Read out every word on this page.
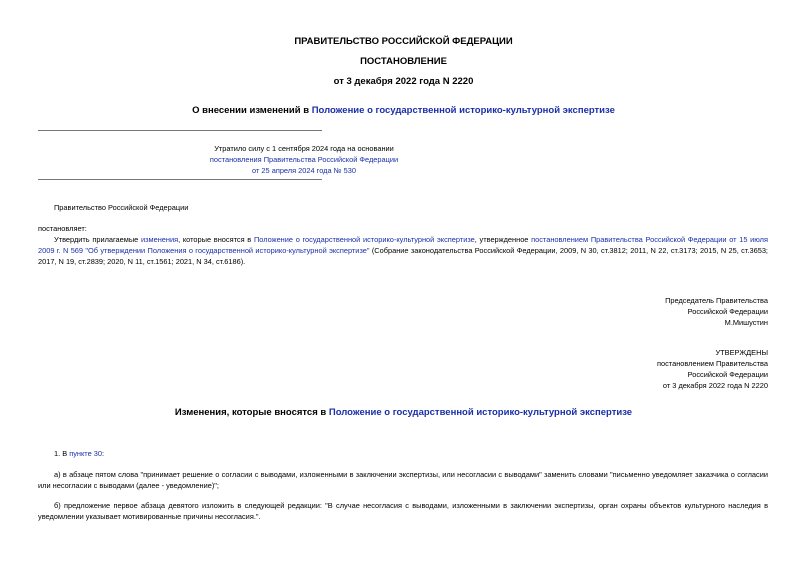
ПРАВИТЕЛЬСТВО РОССИЙСКОЙ ФЕДЕРАЦИИ
ПОСТАНОВЛЕНИЕ
от 3 декабря 2022 года N 2220
О внесении изменений в Положение о государственной историко-культурной экспертизе
Утратило силу с 1 сентября 2024 года на основании
постановления Правительства Российской Федерации
от 25 апреля 2024 года № 530
Правительство Российской Федерации
постановляет:
Утвердить прилагаемые изменения, которые вносятся в Положение о государственной историко-культурной экспертизе, утвержденное постановлением Правительства Российской Федерации от 15 июля 2009 г. N 569 "Об утверждении Положения о государственной историко-культурной экспертизе" (Собрание законодательства Российской Федерации, 2009, N 30, ст.3812; 2011, N 22, ст.3173; 2015, N 25, ст.3653; 2017, N 19, ст.2839; 2020, N 11, ст.1561; 2021, N 34, ст.6186).
Председатель Правительства
Российской Федерации
М.Мишустин
УТВЕРЖДЕНЫ
постановлением Правительства
Российской Федерации
от 3 декабря 2022 года N 2220
Изменения, которые вносятся в Положение о государственной историко-культурной экспертизе
1. В пункте 30:
а) в абзаце пятом слова "принимает решение о согласии с выводами, изложенными в заключении экспертизы, или несогласии с выводами" заменить словами "письменно уведомляет заказчика о согласии или несогласии с выводами (далее - уведомление)";
б) предложение первое абзаца девятого изложить в следующей редакции: "В случае несогласия с выводами, изложенными в заключении экспертизы, орган охраны объектов культурного наследия в уведомлении указывает мотивированные причины несогласия.".
